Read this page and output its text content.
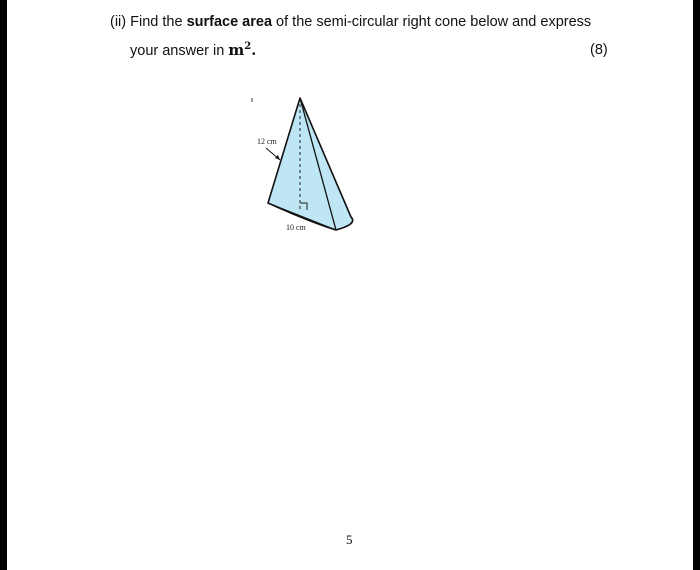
(ii) Find the surface area of the semi-circular right cone below and express
your answer in $m^2$.	(8)
12 cm
10 cm
5
